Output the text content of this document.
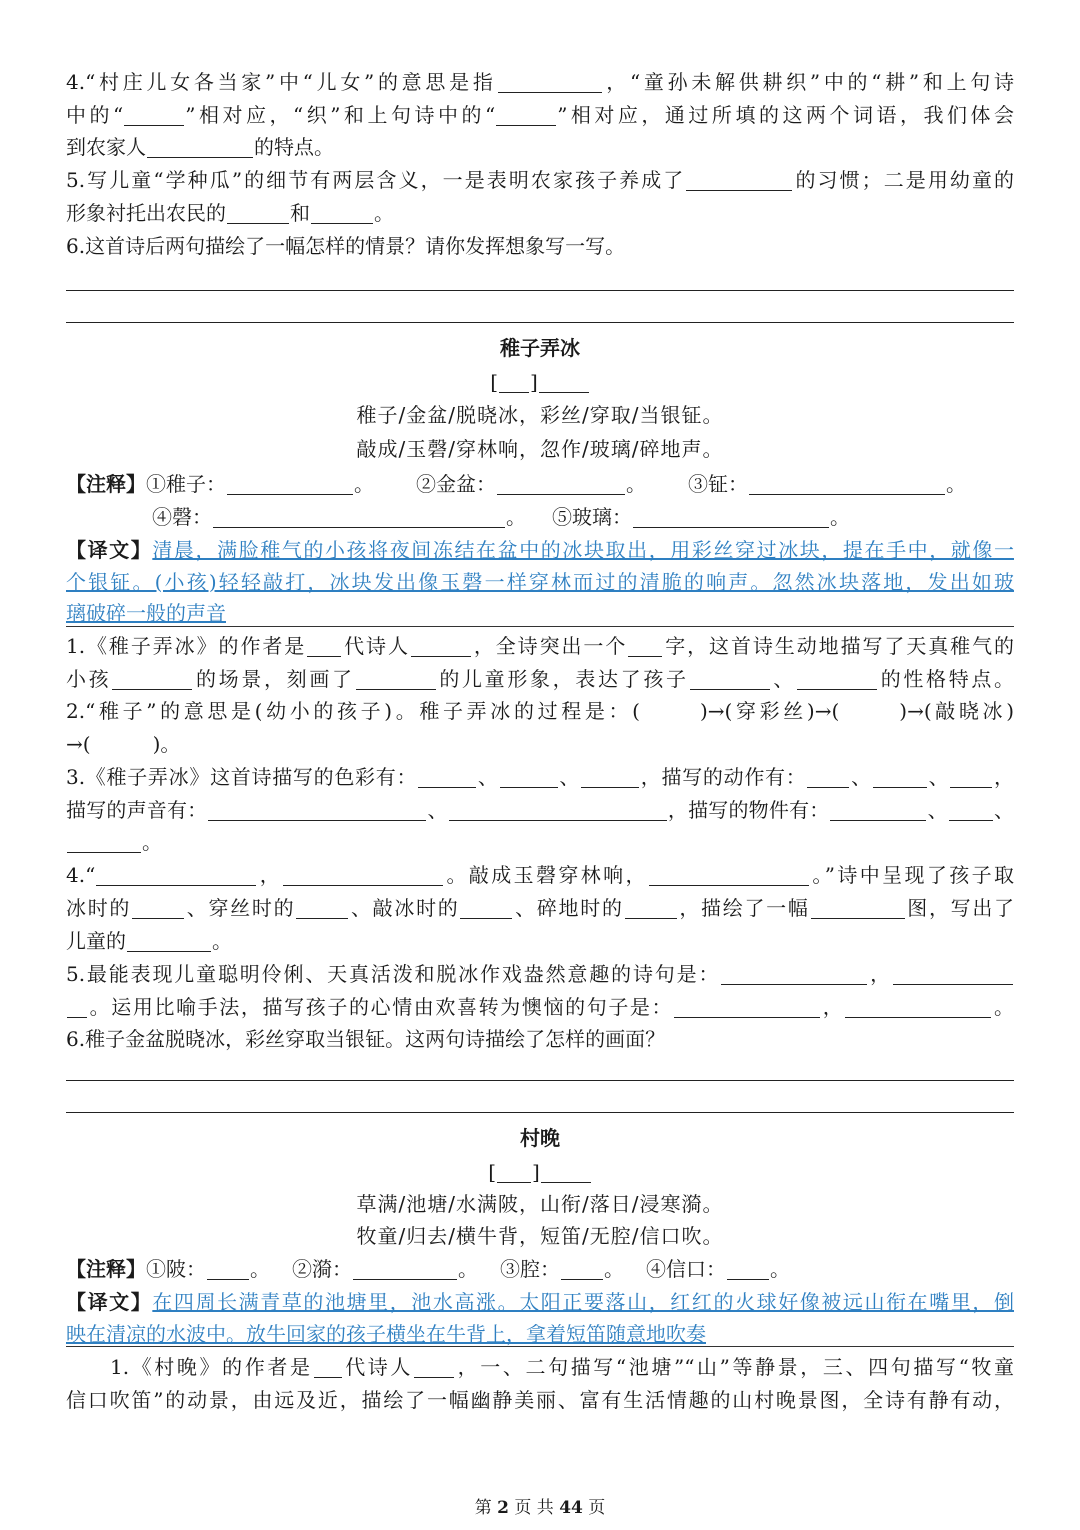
4.“村庄儿女各当家”中“儿女”的意思是指	，“童孙未解供耕织”中的“耕”和上句诗
中的“	”相对应，“织”和上句诗中的“	”相对应，通过所填的这两个词语，我们体会
到农家人	的特点。
5.写儿童“学种瓜”的细节有两层含义，一是表明农家孩子养成了	的习惯；二是用幼童的
形象衬托出农民的	和	。
6.这首诗后两句描绘了一幅怎样的情景？请你发挥想象写一写。
稚子弄冰
[ ]
稚子/金盆/脱晓冰，彩丝/穿取/当银钲。
敲成/玉磬/穿林响，忽作/玻璃/碎地声。
【注释】①稚子：	。 ②金盆：	。 ③钲：	。
④磬：	。 ⑤玻璃：	。
【译文】清晨，满脸稚气的小孩将夜间冻结在盆中的冰块取出，用彩丝穿过冰块，提在手中，就像一
个银钲。(小孩)轻轻敲打，冰块发出像玉磬一样穿林而过的清脆的响声。忽然冰块落地，发出如玻
璃破碎一般的声音
1.《稚子弄冰》的作者是 代诗人	，全诗突出一个 字，这首诗生动地描写了天真稚气的
小孩	的场景，刻画了	的儿童形象，表达了孩子	、	的性格特点。
2.“稚子”的意思是(幼小的孩子)。稚子弄冰的过程是：(	)→(穿彩丝)→(	)→(敲晓冰)
→(	)。
3.《稚子弄冰》这首诗描写的色彩有：	、	、	，描写的动作有： 、	、 ，
描写的声音有：	、	，描写的物件有：	、 、
。
4.“	，	。敲成玉磬穿林响，	。”诗中呈现了孩子取
冰时的	、穿丝时的	、敲冰时的	、碎地时的	，描绘了一幅	图，写出了
儿童的	。
5.最能表现儿童聪明伶俐、天真活泼和脱冰作戏盎然意趣的诗句是：	，
。运用比喻手法，描写孩子的心情由欢喜转为懊恼的句子是：	，	。
6.稚子金盆脱晓冰，彩丝穿取当银钲。这两句诗描绘了怎样的画面？
村晚
[ ]
草满/池塘/水满陂，山衔/落日/浸寒漪。
牧童/归去/横牛背，短笛/无腔/信口吹。
【注释】①陂： 。 ②漪：	。 ③腔： 。 ④信口： 。
【译文】在四周长满青草的池塘里，池水高涨。太阳正要落山，红红的火球好像被远山衔在嘴里，倒
映在清凉的水波中。放牛回家的孩子横坐在牛背上，拿着短笛随意地吹奏
1.《村晚》的作者是 代诗人 ，一、二句描写“池塘”“山”等静景，三、四句描写“牧童
信口吹笛”的动景，由远及近，描绘了一幅幽静美丽、富有生活情趣的山村晚景图，全诗有静有动，
第 2 页 共 44 页
